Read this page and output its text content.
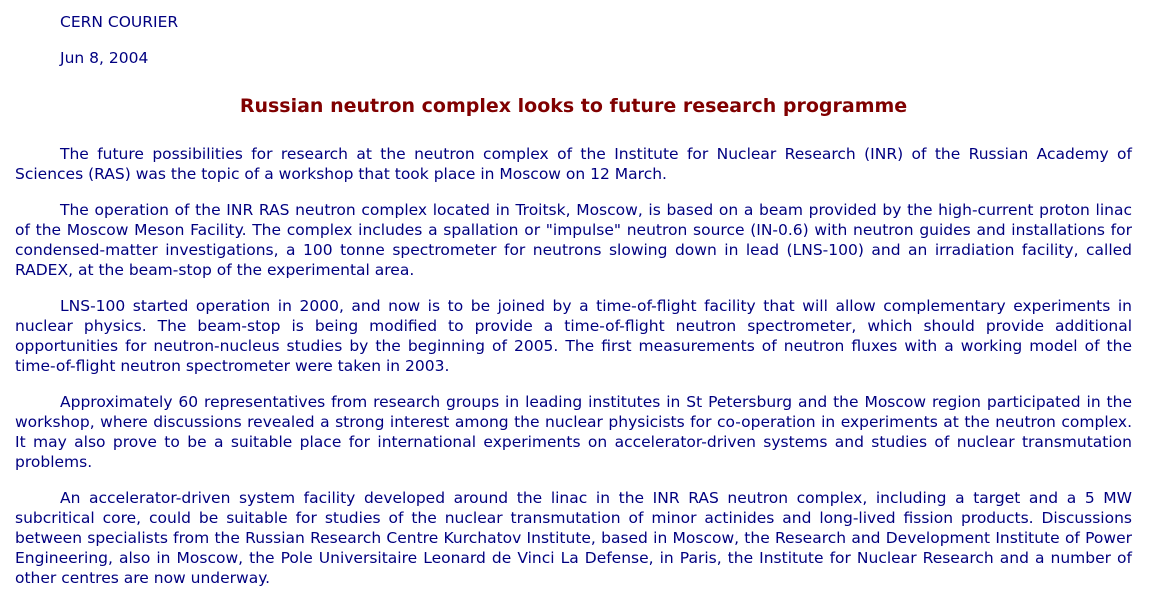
CERN COURIER

Jun 8, 2004

Russian neutron complex looks to future research programme

The future possibilities for research at the neutron complex of the Institute for Nuclear Research (INR) of the Russian Academy of Sciences (RAS) was the topic of a workshop that took place in Moscow on 12 March.

The operation of the INR RAS neutron complex located in Troitsk, Moscow, is based on a beam provided by the high-current proton linac of the Moscow Meson Facility. The complex includes a spallation or "impulse" neutron source (IN-0.6) with neutron guides and installations for condensed-matter investigations, a 100 tonne spectrometer for neutrons slowing down in lead (LNS-100) and an irradiation facility, called RADEX, at the beam-stop of the experimental area.

LNS-100 started operation in 2000, and now is to be joined by a time-of-flight facility that will allow complementary experiments in nuclear physics. The beam-stop is being modified to provide a time-of-flight neutron spectrometer, which should provide additional opportunities for neutron-nucleus studies by the beginning of 2005. The first measurements of neutron fluxes with a working model of the time-of-flight neutron spectrometer were taken in 2003.

Approximately 60 representatives from research groups in leading institutes in St Petersburg and the Moscow region participated in the workshop, where discussions revealed a strong interest among the nuclear physicists for co-operation in experiments at the neutron complex. It may also prove to be a suitable place for international experiments on accelerator-driven systems and studies of nuclear transmutation problems.

An accelerator-driven system facility developed around the linac in the INR RAS neutron complex, including a target and a 5 MW subcritical core, could be suitable for studies of the nuclear transmutation of minor actinides and long-lived fission products. Discussions between specialists from the Russian Research Centre Kurchatov Institute, based in Moscow, the Research and Development Institute of Power Engineering, also in Moscow, the Pole Universitaire Leonard de Vinci La Defense, in Paris, the Institute for Nuclear Research and a number of other centres are now underway.
